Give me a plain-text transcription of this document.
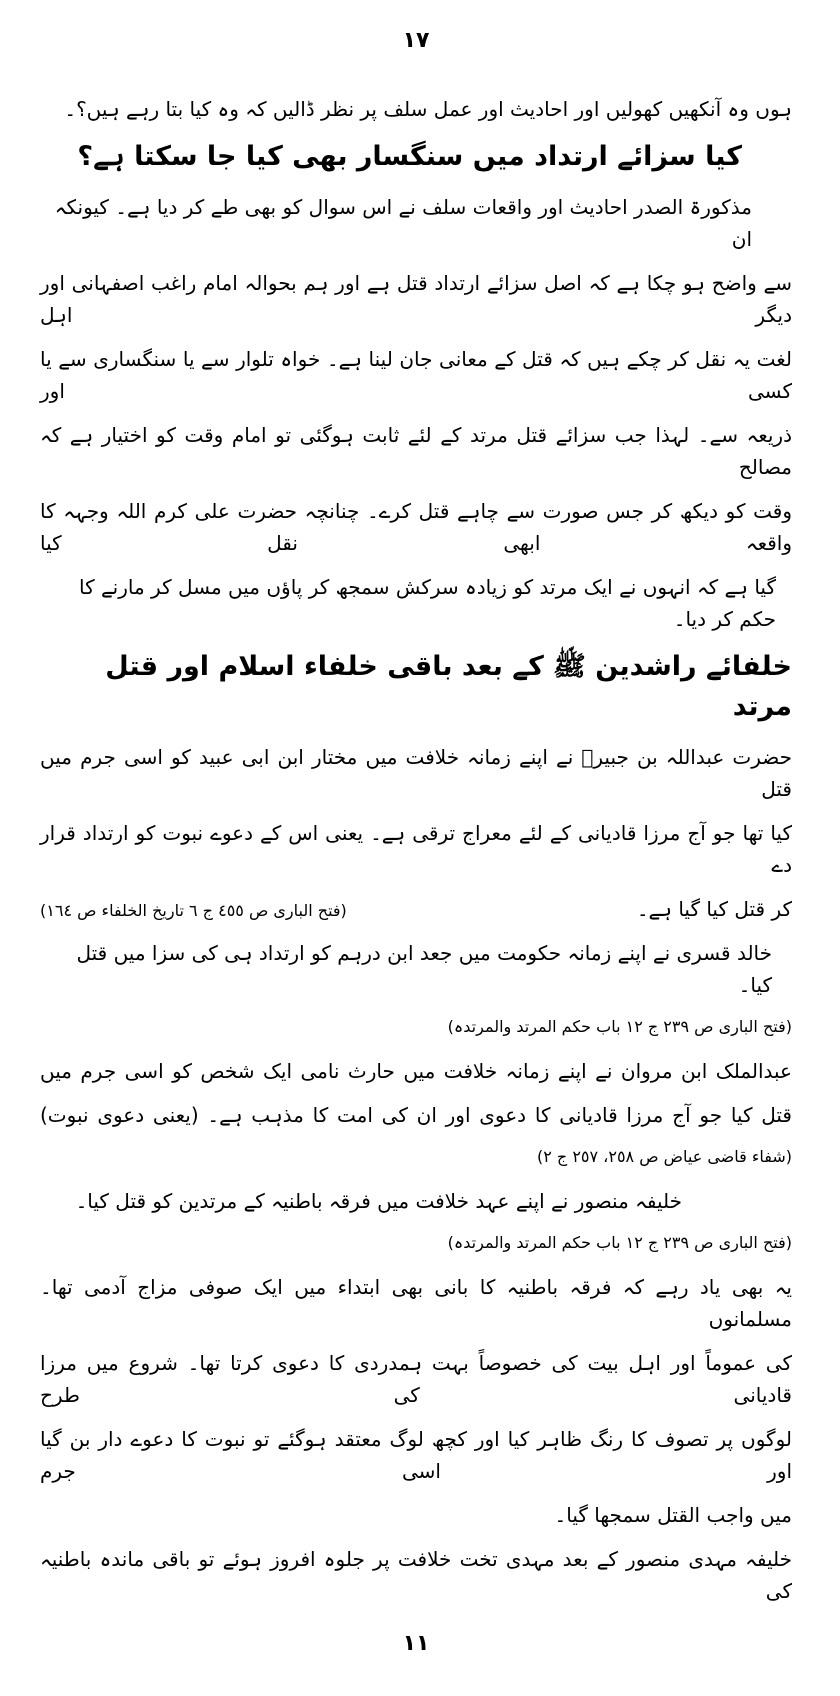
١٧
ہوں وہ آنکھیں کھولیں اور احادیث اور عمل سلف پر نظر ڈالیں کہ وہ کیا بتا رہے ہیں؟۔
کیا سزائے ارتداد میں سنگسار بھی کیا جا سکتا ہے؟
مذکورۃ الصدر احادیث اور واقعات سلف نے اس سوال کو بھی طے کر دیا ہے۔ کیونکہ ان
سے واضح ہو چکا ہے کہ اصل سزائے ارتداد قتل ہے اور ہم بحوالہ امام راغب اصفہانی اور دیگر اہل
لغت یہ نقل کر چکے ہیں کہ قتل کے معانی جان لینا ہے۔ خواہ تلوار سے یا سنگساری سے یا کسی اور
ذریعہ سے۔ لہذا جب سزائے قتل مرتد کے لئے ثابت ہوگئی تو امام وقت کو اختیار ہے کہ مصالح
وقت کو دیکھ کر جس صورت سے چاہے قتل کرے۔ چنانچہ حضرت علی کرم اللہ وجہہ کا واقعہ ابھی نقل کیا
گیا ہے کہ انہوں نے ایک مرتد کو زیادہ سرکش سمجھ کر پاؤں میں مسل کر مارنے کا حکم کر دیا۔
خلفائے راشدین ﷺ کے بعد باقی خلفاء اسلام اور قتل مرتد
حضرت عبداللہ بن جبیرؓ نے اپنے زمانہ خلافت میں مختار ابن ابی عبید کو اسی جرم میں قتل
کیا تھا جو آج مرزا قادیانی کے لئے معراج ترقی ہے۔ یعنی اس کے دعوے نبوت کو ارتداد قرار دے
کر قتل کیا گیا ہے۔
(فتح الباری ص ٤٥٥ ج ٦ تاریخ الخلفاء ص ١٦٤)
خالد قسری نے اپنے زمانہ حکومت میں جعد ابن درہم کو ارتداد ہی کی سزا میں قتل کیا۔
(فتح الباری ص ٢٣٩ ج ١٢ باب حکم المرتد والمرتدہ)
عبدالملک ابن مروان نے اپنے زمانہ خلافت میں حارث نامی ایک شخص کو اسی جرم میں
قتل کیا جو آج مرزا قادیانی کا دعوی اور ان کی امت کا مذہب ہے۔ (یعنی دعوی نبوت)
(شفاء قاضی عیاض ص ٢٥٨، ٢٥٧ ج ٢)
خلیفہ منصور نے اپنے عہد خلافت میں فرقہ باطنیہ کے مرتدین کو قتل کیا۔
(فتح الباری ص ٢٣٩ ج ١٢ باب حکم المرتد والمرتدہ)
یہ بھی یاد رہے کہ فرقہ باطنیہ کا بانی بھی ابتداء میں ایک صوفی مزاج آدمی تھا۔ مسلمانوں
کی عموماً اور اہل بیت کی خصوصاً بہت ہمدردی کا دعوی کرتا تھا۔ شروع میں مرزا قادیانی کی طرح
لوگوں پر تصوف کا رنگ ظاہر کیا اور کچھ لوگ معتقد ہوگئے تو نبوت کا دعوے دار بن گیا اور اسی جرم
میں واجب القتل سمجھا گیا۔
خلیفہ مہدی منصور کے بعد مہدی تخت خلافت پر جلوہ افروز ہوئے تو باقی ماندہ باطنیہ کی
١١
